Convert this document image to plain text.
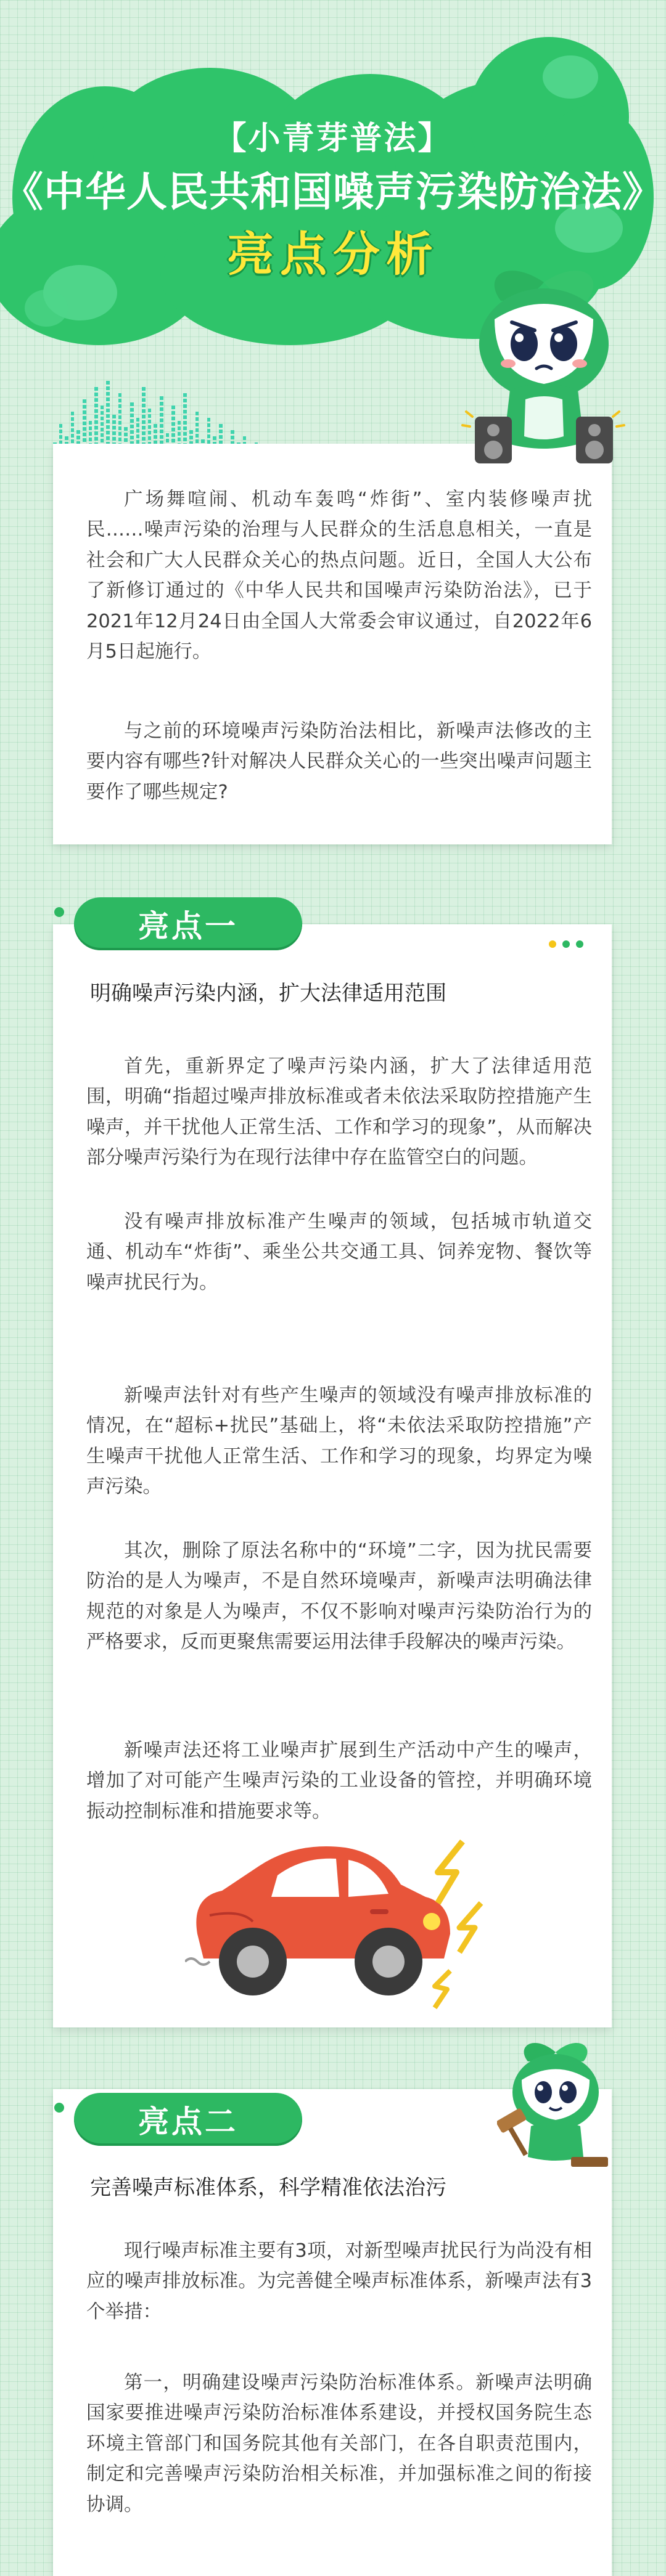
【小青芽普法】
《中华人民共和国噪声污染防治法》
亮点分析

广场舞喧闹、机动车轰鸣“炸街”、室内装修噪声扰民……噪声污染的治理与人民群众的生活息息相关，一直是社会和广大人民群众关心的热点问题。近日，全国人大公布了新修订通过的《中华人民共和国噪声污染防治法》，已于2021年12月24日由全国人大常委会审议通过，自2022年6月5日起施行。

与之前的环境噪声污染防治法相比，新噪声法修改的主要内容有哪些?针对解决人民群众关心的一些突出噪声问题主要作了哪些规定?

亮点一
明确噪声污染内涵，扩大法律适用范围

首先，重新界定了噪声污染内涵，扩大了法律适用范围，明确“指超过噪声排放标准或者未依法采取防控措施产生噪声，并干扰他人正常生活、工作和学习的现象”，从而解决部分噪声污染行为在现行法律中存在监管空白的问题。

没有噪声排放标准产生噪声的领域，包括城市轨道交通、机动车“炸街”、乘坐公共交通工具、饲养宠物、餐饮等噪声扰民行为。

新噪声法针对有些产生噪声的领域没有噪声排放标准的情况，在“超标+扰民”基础上，将“未依法采取防控措施”产生噪声干扰他人正常生活、工作和学习的现象，均界定为噪声污染。

其次，删除了原法名称中的“环境”二字，因为扰民需要防治的是人为噪声，不是自然环境噪声，新噪声法明确法律规范的对象是人为噪声，不仅不影响对噪声污染防治行为的严格要求，反而更聚焦需要运用法律手段解决的噪声污染。

新噪声法还将工业噪声扩展到生产活动中产生的噪声，增加了对可能产生噪声污染的工业设备的管控，并明确环境振动控制标准和措施要求等。

亮点二
完善噪声标准体系，科学精准依法治污

现行噪声标准主要有3项，对新型噪声扰民行为尚没有相应的噪声排放标准。为完善健全噪声标准体系，新噪声法有3个举措：

第一，明确建设噪声污染防治标准体系。新噪声法明确国家要推进噪声污染防治标准体系建设，并授权国务院生态环境主管部门和国务院其他有关部门，在各自职责范围内，制定和完善噪声污染防治相关标准，并加强标准之间的衔接协调。
